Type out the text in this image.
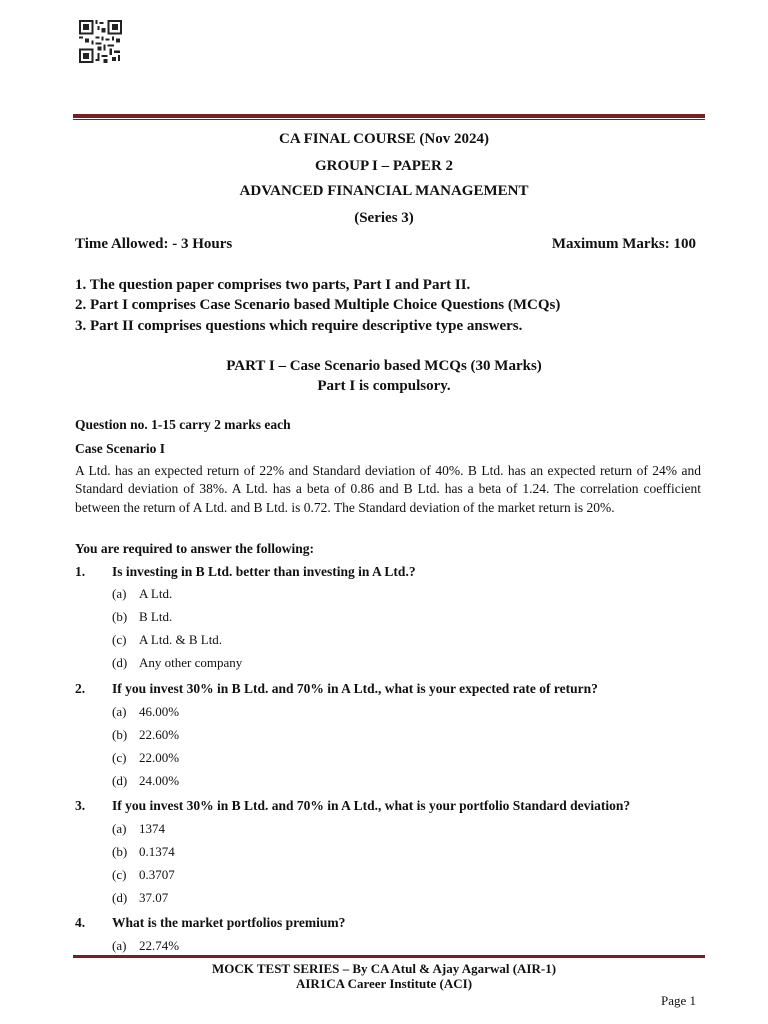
CA FINAL COURSE (Nov 2024)
GROUP I – PAPER 2
ADVANCED FINANCIAL MANAGEMENT
(Series 3)
Time Allowed: - 3 Hours	Maximum Marks: 100
1. The question paper comprises two parts, Part I and Part II.
2. Part I comprises Case Scenario based Multiple Choice Questions (MCQs)
3. Part II comprises questions which require descriptive type answers.
PART I – Case Scenario based MCQs (30 Marks)
Part I is compulsory.
Question no. 1-15 carry 2 marks each
Case Scenario I
A Ltd. has an expected return of 22% and Standard deviation of 40%. B Ltd. has an expected return of 24% and Standard deviation of 38%. A Ltd. has a beta of 0.86 and B Ltd. has a beta of 1.24. The correlation coefficient between the return of A Ltd. and B Ltd. is 0.72. The Standard deviation of the market return is 20%.
You are required to answer the following:
1. Is investing in B Ltd. better than investing in A Ltd.?
(a) A Ltd.
(b) B Ltd.
(c) A Ltd. & B Ltd.
(d) Any other company
2. If you invest 30% in B Ltd. and 70% in A Ltd., what is your expected rate of return?
(a) 46.00%
(b) 22.60%
(c) 22.00%
(d) 24.00%
3. If you invest 30% in B Ltd. and 70% in A Ltd., what is your portfolio Standard deviation?
(a) 1374
(b) 0.1374
(c) 0.3707
(d) 37.07
4. What is the market portfolios premium?
(a) 22.74%
MOCK TEST SERIES – By CA Atul & Ajay Agarwal (AIR-1)
AIR1CA Career Institute (ACI)
Page 1
